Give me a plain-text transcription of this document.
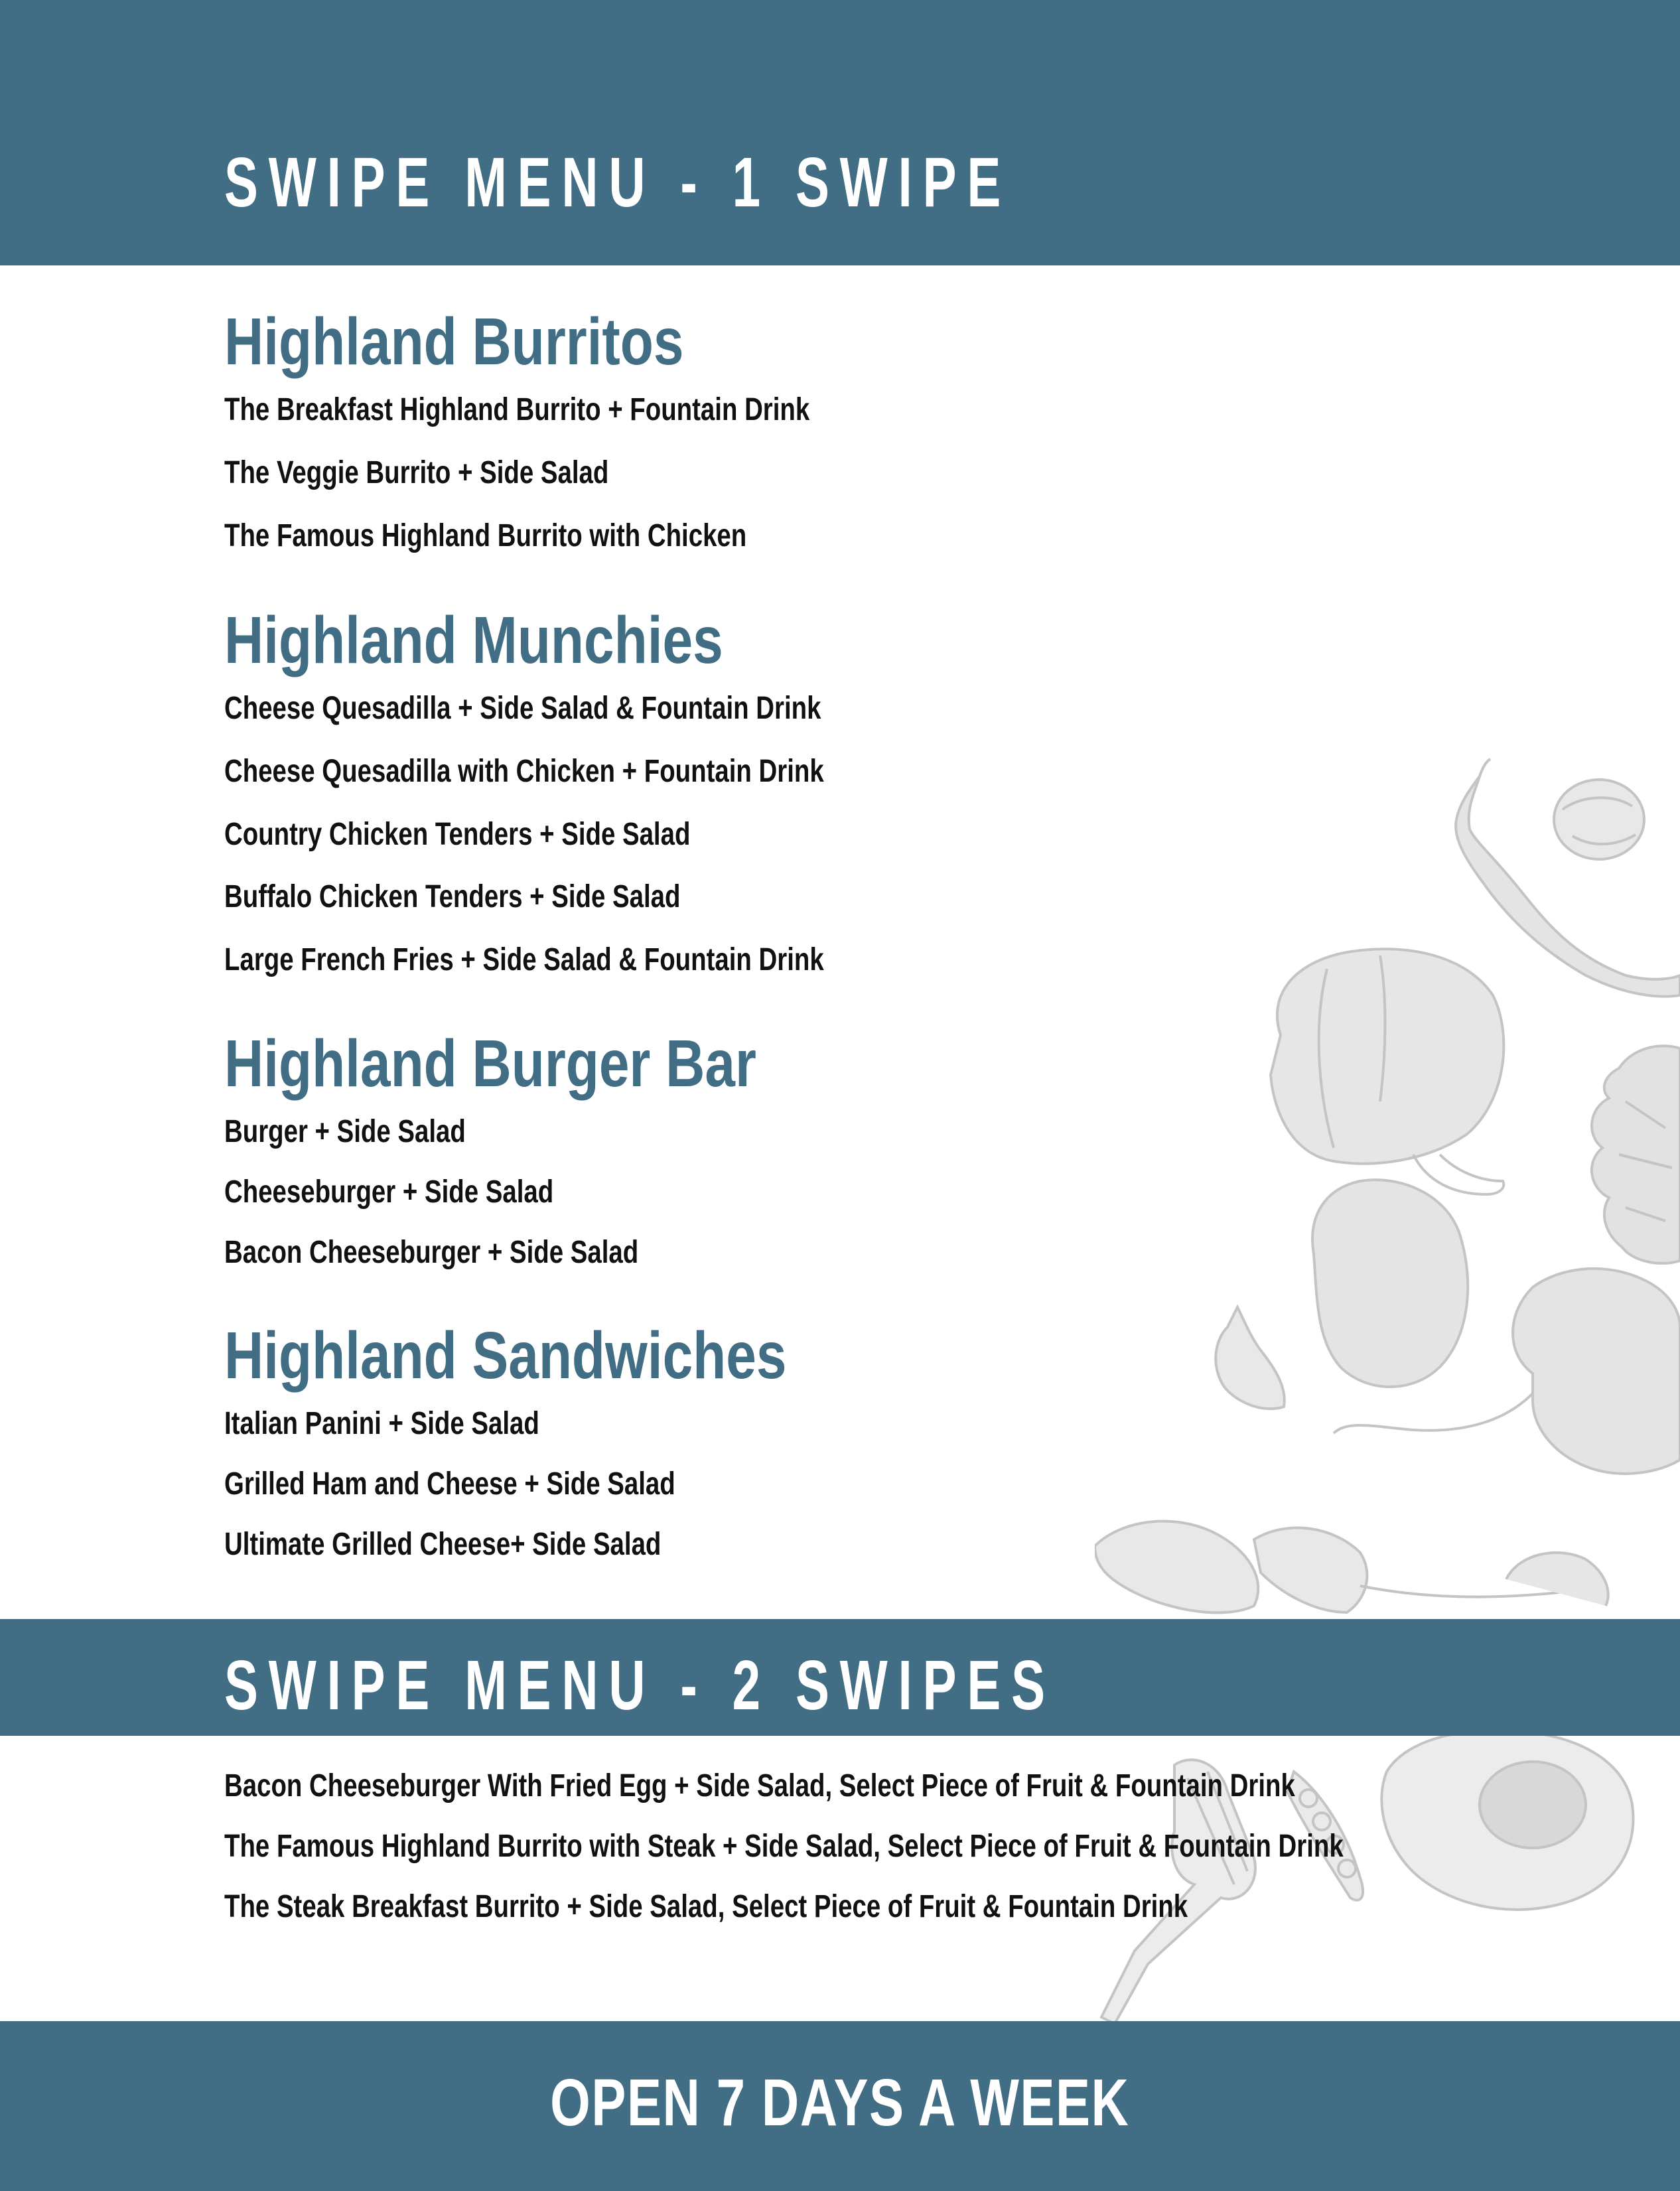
SWIPE MENU - 1 SWIPE
Highland Burritos
The Breakfast Highland Burrito + Fountain Drink
The Veggie Burrito + Side Salad
The Famous Highland Burrito with Chicken
Highland Munchies
Cheese Quesadilla + Side Salad & Fountain Drink
Cheese Quesadilla with Chicken + Fountain Drink
Country Chicken Tenders + Side Salad
Buffalo Chicken Tenders + Side Salad
Large French Fries + Side Salad & Fountain Drink
Highland Burger Bar
Burger + Side Salad
Cheeseburger + Side Salad
Bacon Cheeseburger + Side Salad
Highland Sandwiches
Italian Panini + Side Salad
Grilled Ham and Cheese + Side Salad
Ultimate Grilled Cheese+ Side Salad
SWIPE MENU - 2 SWIPES
Bacon Cheeseburger With Fried Egg + Side Salad, Select Piece of Fruit & Fountain Drink
The Famous Highland Burrito with Steak + Side Salad, Select Piece of Fruit & Fountain Drink
The Steak Breakfast Burrito + Side Salad, Select Piece of Fruit & Fountain Drink
OPEN 7 DAYS A WEEK
